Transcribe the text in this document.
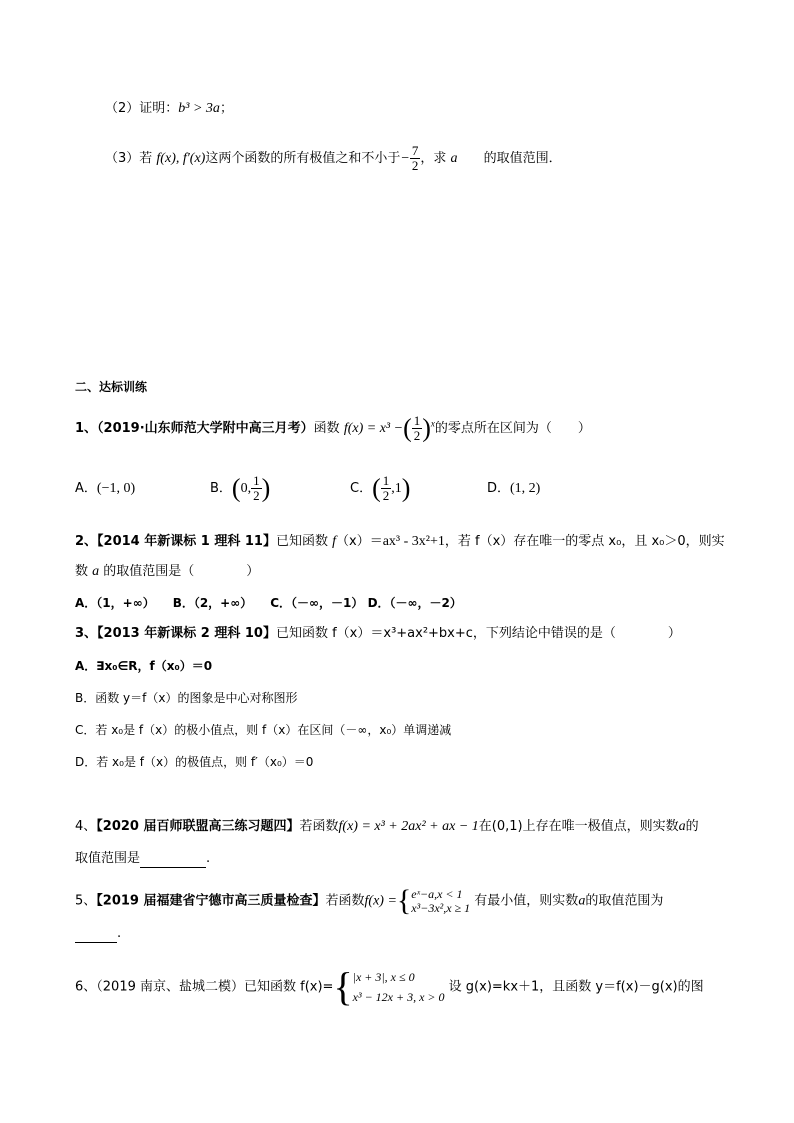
（2）证明：b³ > 3a；
（3）若 f(x), f′(x)这两个函数的所有极值之和不小于− $\frac{7}{2}$ ，求 a 的取值范围．
二、达标训练
1、（2019·山东师范大学附中高三月考）函数 f(x) = x³ −( $\frac{1}{2} )^x$的零点所在区间为（　　）
A．(−1, 0)	B．(0, $\frac{1}{2}$ )	C．( $\frac{1}{2} ,1$)	D．(1, 2)
2、【2014 年新课标 1 理科 11】已知函数 f（x）＝ax³ - 3x²+1，若 f（x）存在唯一的零点 x₀，且 x₀＞0，则实
数 a 的取值范围是（　　　　）
A．（1，+∞）　　B．（2，+∞）　　C．（－∞，－1） D．（－∞，－2）
3、【2013 年新课标 2 理科 10】已知函数 f（x）＝x³+ax²+bx+c，下列结论中错误的是（　　　　）
A．∃x₀∈R，f（x₀）＝0
B．函数 y＝f（x）的图象是中心对称图形
C．若 x₀是 f（x）的极小值点，则 f（x）在区间（－∞，x₀）单调递减
D．若 x₀是 f（x）的极值点，则 f′（x₀）＝0
4、【2020 届百师联盟高三练习题四】若函数f(x) = x³ + 2ax² + ax − 1在(0,1)上存在唯一极值点，则实数a的
取值范围是	.
5、【2019 届福建省宁德市高三质量检查】若函数f(x) ={ eˣ−a,x < 1
x³−3x²,x ≥ 1 有最小值，则实数a的取值范围为
.
6、（2019 南京、盐城二模）已知函数 f(x)={ |x + 3|, x ≤ 0
x³ − 12x + 3, x > 0
设 g(x)=kx＋1，且函数 y＝f(x)－g(x)的图
